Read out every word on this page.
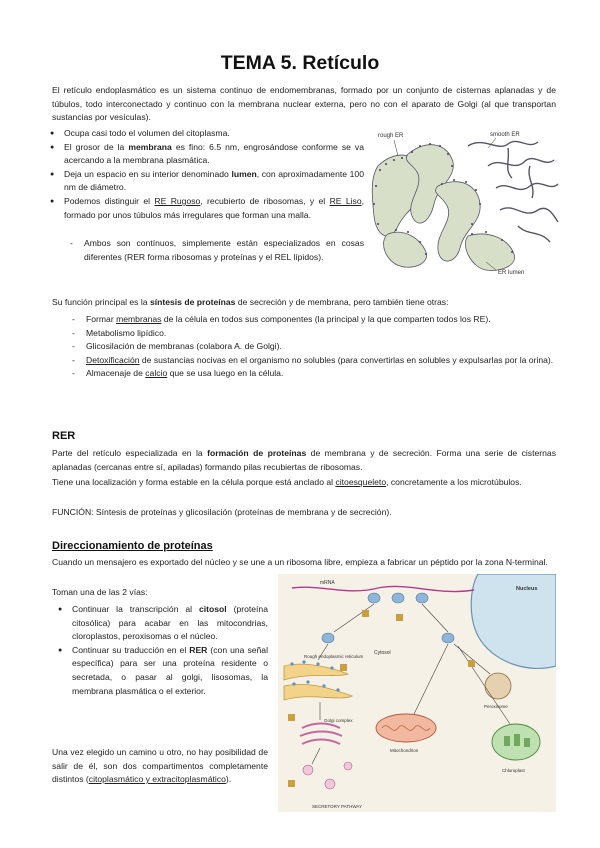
TEMA 5. Retículo
El retículo endoplasmático es un sistema continuo de endomembranas, formado por un conjunto de cisternas aplanadas y de túbulos, todo interconectado y continuo con la membrana nuclear externa, pero no con el aparato de Golgi (al que transportan sustancias por vesículas).
● Ocupa casi todo el volumen del citoplasma.
● El grosor de la membrana es fino: 6.5 nm, engrosándose conforme se va acercando a la membrana plasmática.
● Deja un espacio en su interior denominado lumen, con aproximadamente 100 nm de diámetro.
● Podemos distinguir el RE Rugoso, recubierto de ribosomas, y el RE Liso, formado por unos túbulos más irregulares que forman una malla.
- Ambos son contínuos, simplemente están especializados en cosas diferentes (RER forma ribosomas y proteínas y el REL lípidos).
rough ER	smooth ER
ER lumen
Su función principal es la síntesis de proteínas de secreción y de membrana, pero también tiene otras:
- Formar membranas de la célula en todos sus componentes (la principal y la que comparten todos los RE).
- Metabolismo lipídico.
- Glicosilación de membranas (colabora A. de Golgi).
- Detoxificación de sustancias nocivas en el organismo no solubles (para convertirlas en solubles y expulsarlas por la orina).
- Almacenaje de calcio que se usa luego en la célula.
RER
Parte del retículo especializada en la formación de proteínas de membrana y de secreción. Forma una serie de cisternas aplanadas (cercanas entre sí, apiladas) formando pilas recubiertas de ribosomas.
Tiene una localización y forma estable en la célula porque está anclado al citoesqueleto, concretamente a los microtúbulos.
FUNCIÓN: Síntesis de proteínas y glicosilación (proteínas de membrana y de secreción).
Direccionamiento de proteínas
Cuando un mensajero es exportado del núcleo y se une a un ribosoma libre, empieza a fabricar un péptido por la zona N-terminal.
Toman una de las 2 vías:
● Continuar la transcripción al citosol (proteína citosólica) para acabar en las mitocondrias, cloroplastos, peroxisomas o el núcleo.
● Continuar su traducción en el RER (con una señal específica) para ser una proteína residente o secretada, o pasar al golgi, lisosomas, la membrana plasmática o el exterior.
Una vez elegido un camino u otro, no hay posibilidad de salir de él, son dos compartimentos completamente distintos (citoplasmático y extracitoplasmático).
Nucleus
mRNA
Cytosol
Rough endoplasmic reticulum
Golgi complex
Mitochondrion
Peroxisome
Chloroplast
SECRETORY PATHWAY
